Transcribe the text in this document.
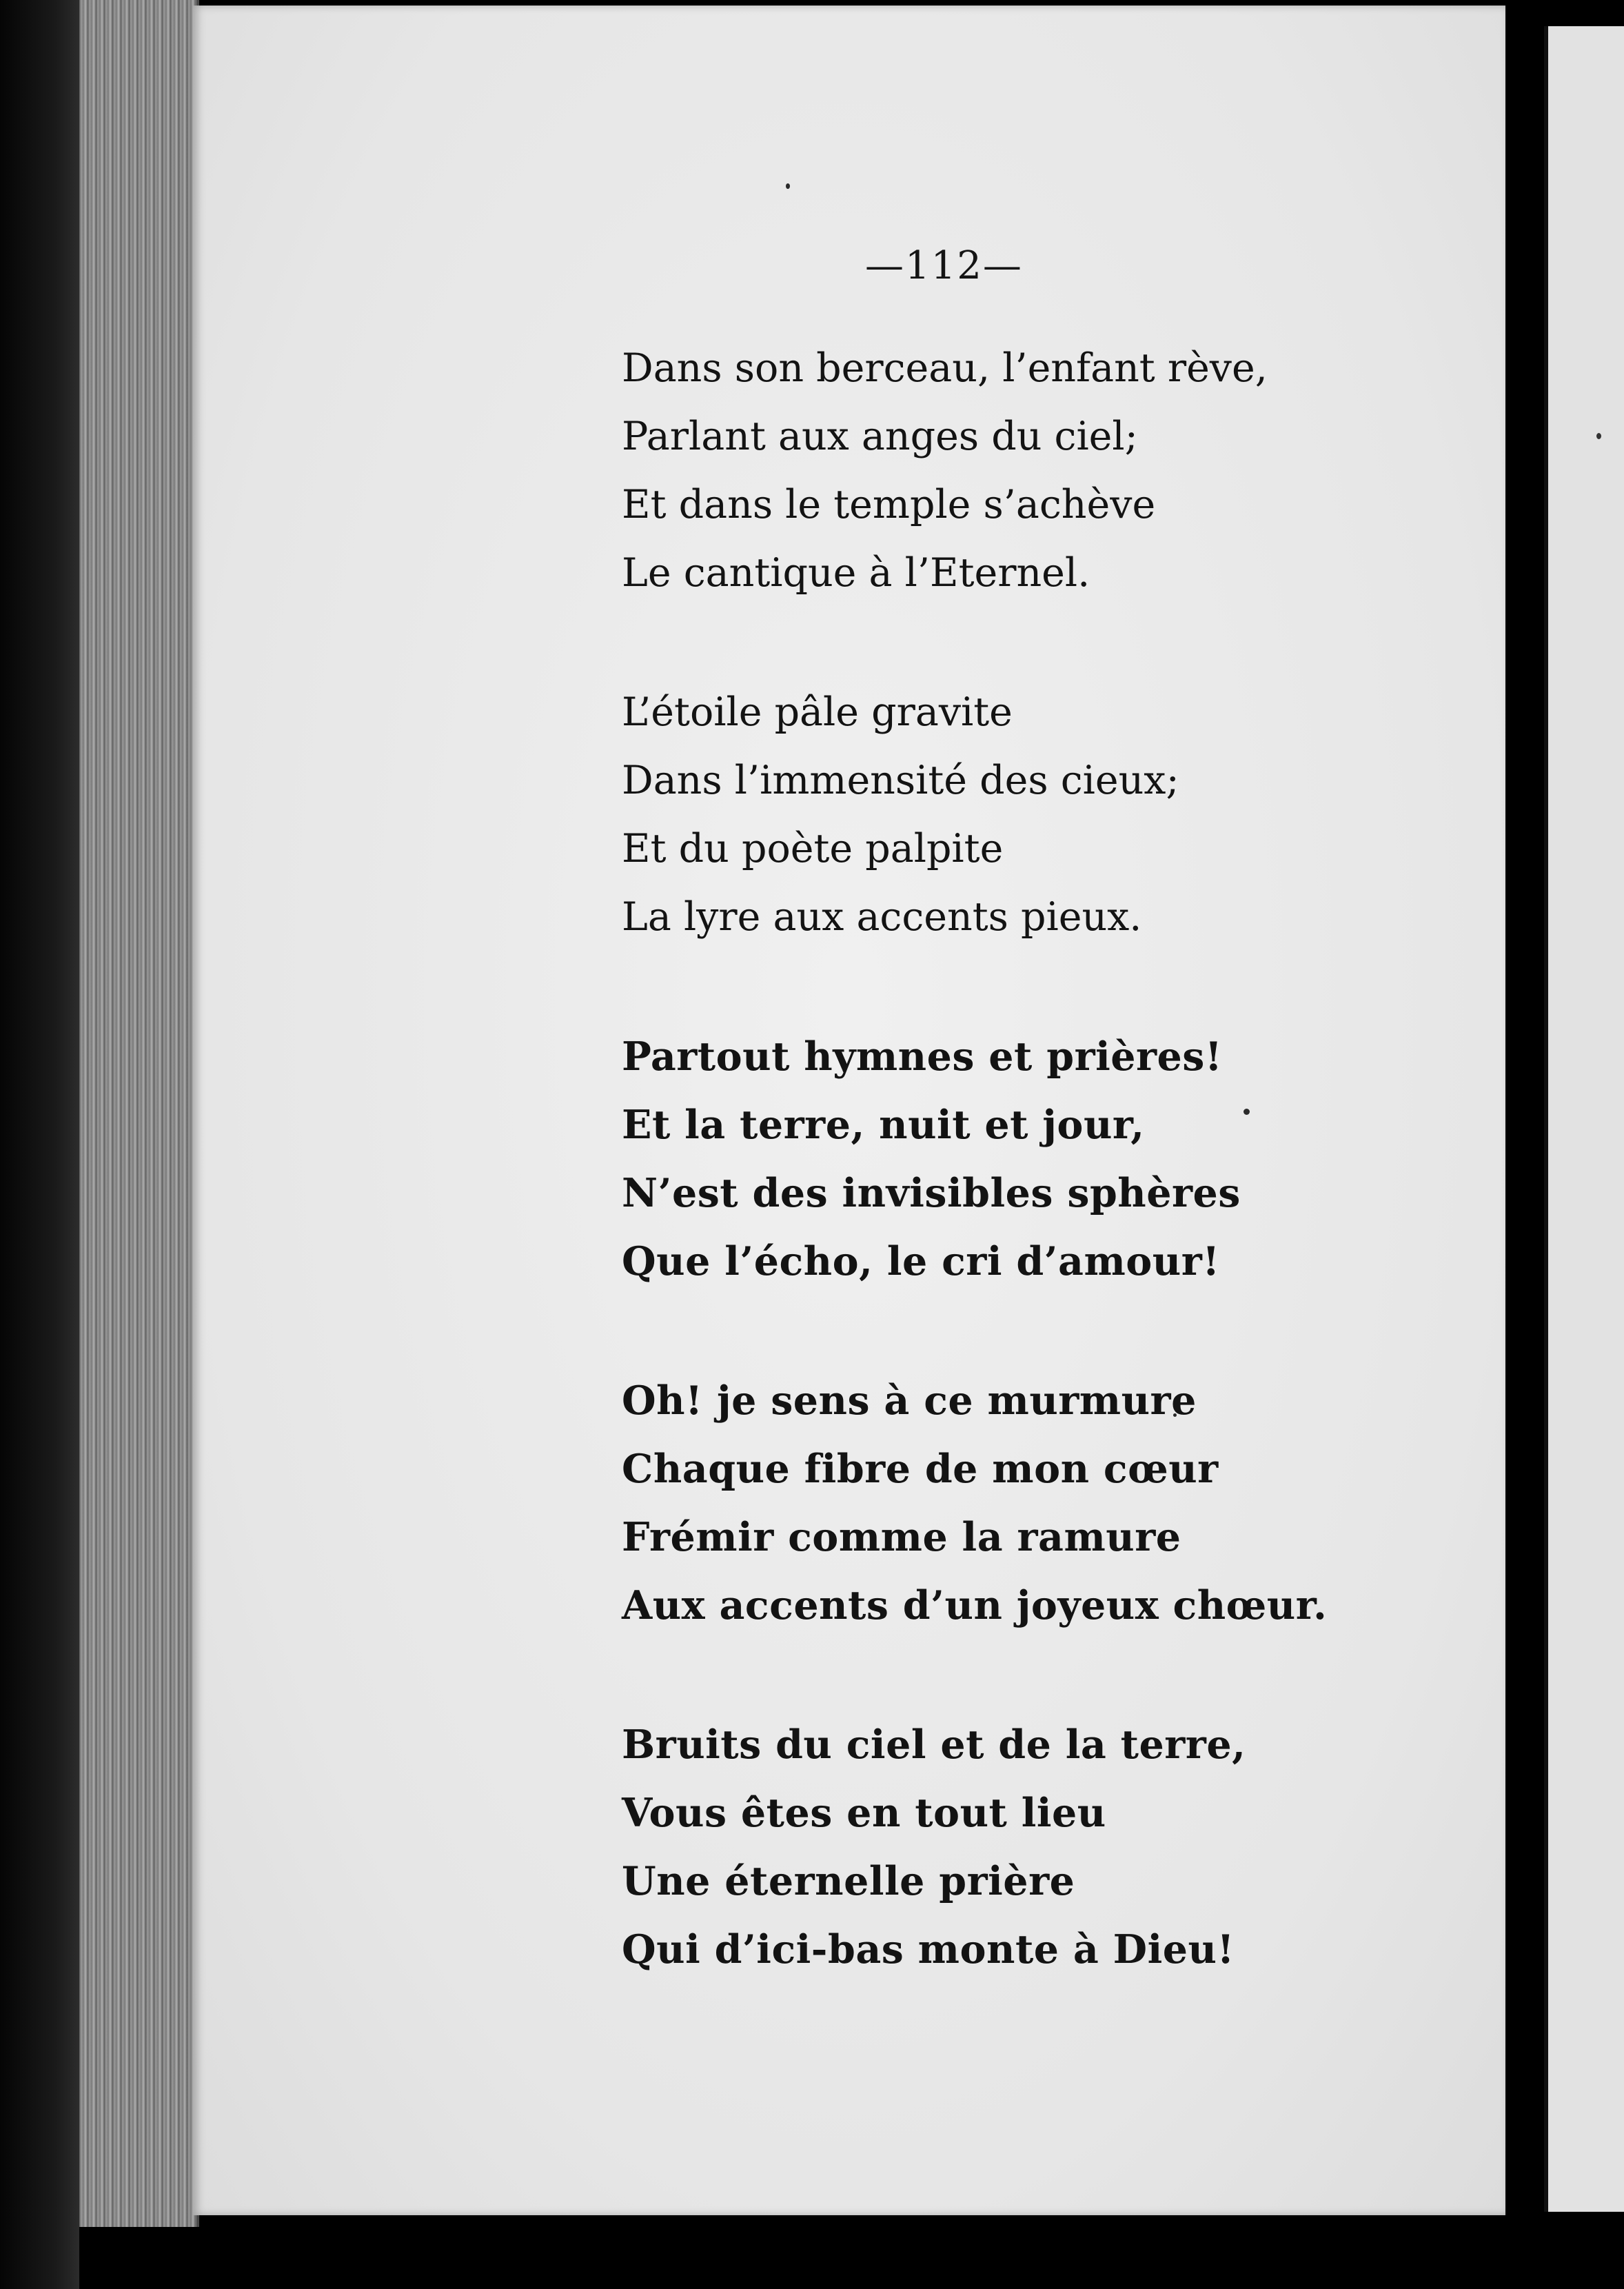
—112—
Dans son berceau, l’enfant rève,
Parlant aux anges du ciel;
Et dans le temple s’achève
Le cantique à l’Eternel.
L’étoile pâle gravite
Dans l’immensité des cieux;
Et du poète palpite
La lyre aux accents pieux.
Partout hymnes et prières!
Et la terre, nuit et jour,
N’est des invisibles sphères
Que l’écho, le cri d’amour!
Oh! je sens à ce murmure
Chaque fibre de mon cœur
Frémir comme la ramure
Aux accents d’un joyeux chœur.
Bruits du ciel et de la terre,
Vous êtes en tout lieu
Une éternelle prière
Qui d’ici-bas monte à Dieu!
